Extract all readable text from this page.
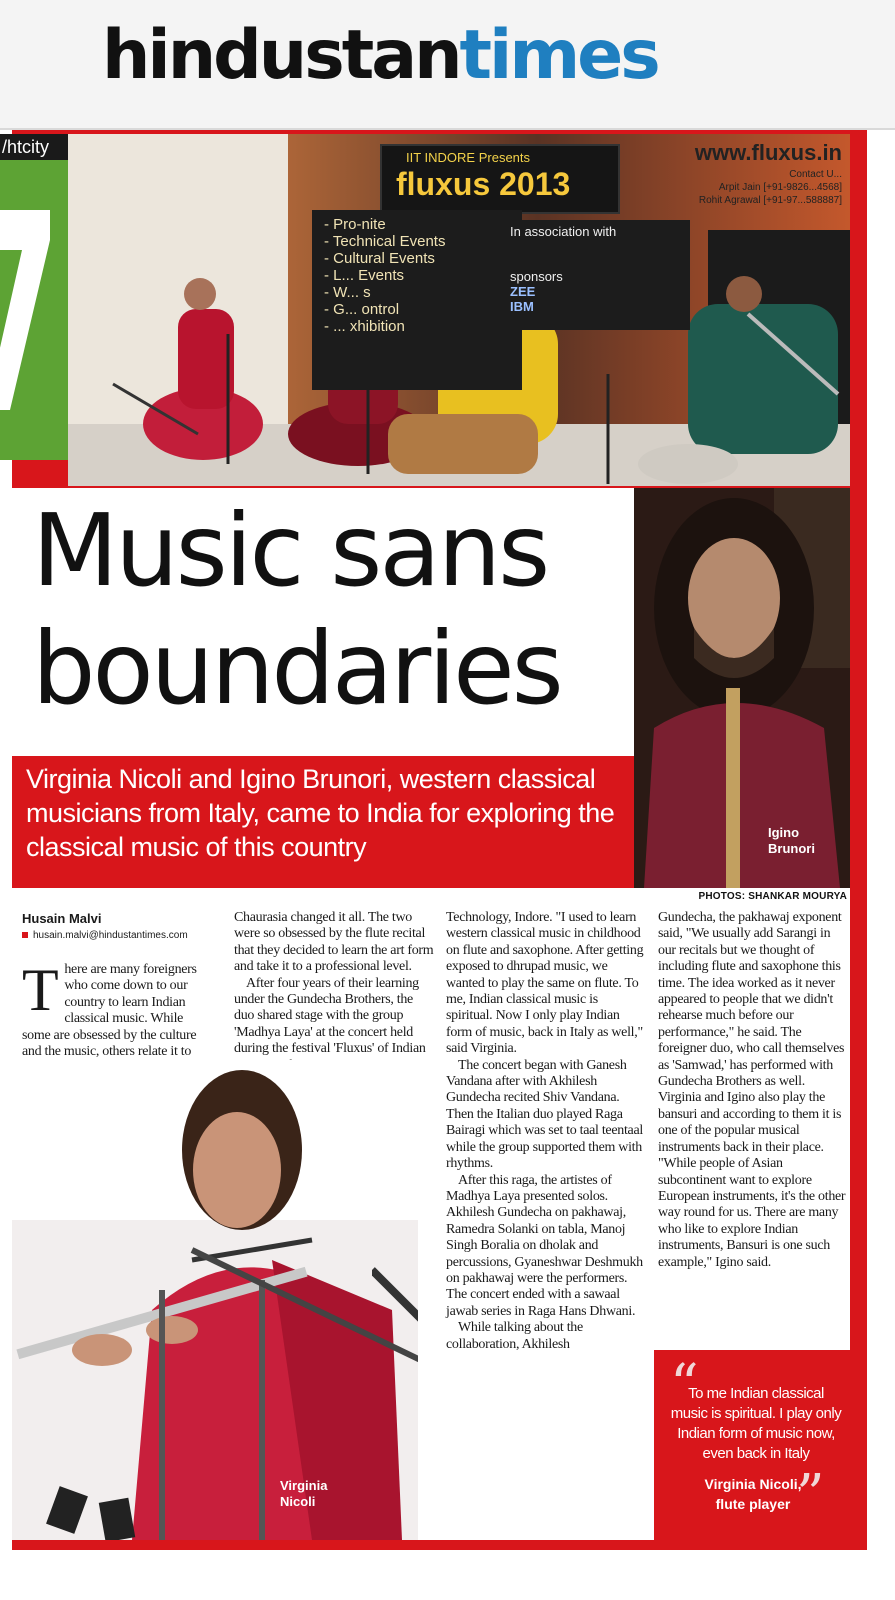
hindustantimes
/htcity
IIT INDORE Presents
fluxus 2013
www.fluxus.in
Contact U...
Arpit Jain [+91-9826...4568]
Rohit Agrawal [+91-97...588887]
- Pro-nite
- Technical Events
- Cultural Events
- L... Events
- W... s
- G... ontrol
- ... xhibition
In association with
sponsors
ZEE
IBM
Music sans boundaries

Virginia Nicoli and Igino Brunori, western classical musicians from Italy, came to India for exploring the classical music of this country	Igino
Brunori
PHOTOS: SHANKAR MOURYA
Husain Malvi
husain.malvi@hindustantimes.com
T here are many foreigners who come down to our country to learn Indian classical music. While some are obsessed by the culture and the music, others relate it to

Chaurasia changed it all. The two were so obsessed by the flute recital that they decided to learn the art form and take it to a professional level.

After four years of their learning under the Gundecha Brothers, the duo shared stage with the group 'Madhya Laya' at the concert held during the festival 'Fluxus' of Indian

Technology, Indore. "I used to learn western classical music in childhood on flute and saxophone. After getting exposed to dhrupad music, we wanted to play the same on flute. To me, Indian classical music is spiritual. Now I only play Indian form of music, back in Italy as well," said Virginia.

The concert began with Ganesh Vandana after with Akhilesh Gundecha recited Shiv Vandana. Then the Italian duo played Raga Bairagi which was set to taal teentaal while the group supported them with rhythms.

After this raga, the artistes of Madhya Laya presented solos. Akhilesh Gundecha on pakhawaj, Ramedra Solanki on tabla, Manoj Singh Boralia on dholak and percussions, Gyaneshwar Deshmukh on pakhawaj were the performers. The concert ended with a sawaal jawab series in Raga Hans Dhwani.

While talking about the collaboration, Akhilesh

Gundecha, the pakhawaj exponent said, "We usually add Sarangi in our recitals but we thought of including flute and saxophone this time. The idea worked as it never appeared to people that we didn't rehearse much before our performance," he said. The foreigner duo, who call themselves as 'Samwad,' has performed with Gundecha Brothers as well. Virginia and Igino also play the bansuri and according to them it is one of the popular musical instruments back in their place. "While people of Asian subcontinent want to explore European instruments, it's the other way round for us. There are many who like to explore Indian instruments, Bansuri is one such example," Igino said.

Virginia
Nicoli
“
To me Indian classical music is spiritual. I play only Indian form of music now, even back in Italy
Virginia Nicoli,
flute player ”
